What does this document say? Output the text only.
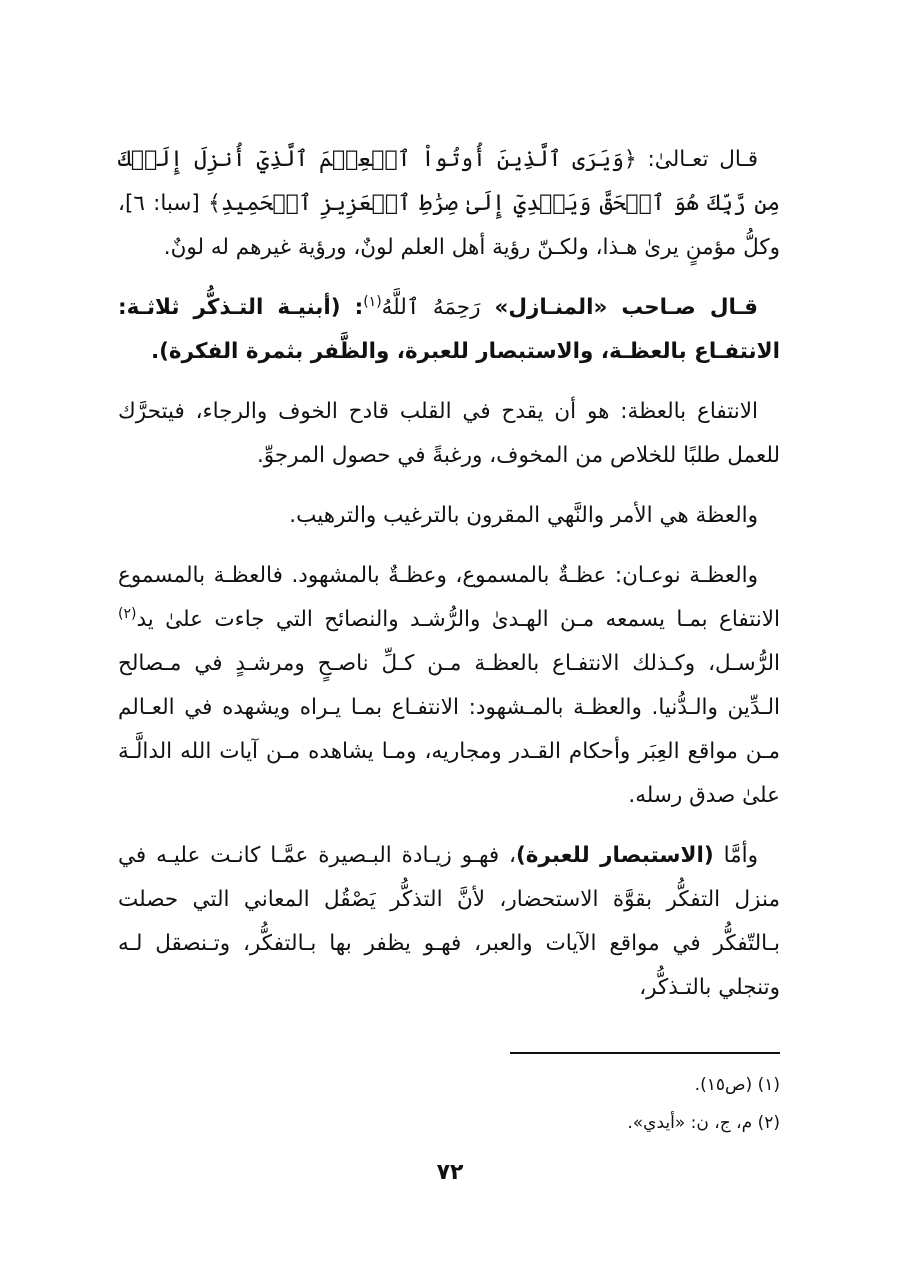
قـال تعـالىٰ: ﴿وَيَرَى ٱلَّذِينَ أُوتُواْ ٱلۡعِلۡمَ ٱلَّذِيٓ أُنزِلَ إِلَيۡكَ مِن رَّبِّكَ هُوَ ٱلۡحَقَّ وَيَهۡدِيٓ إِلَىٰ صِرَٰطِ ٱلۡعَزِيزِ ٱلۡحَمِيدِ﴾ [سبا: ٦]، وكلُّ مؤمنٍ يرىٰ هـذا، ولكـنّ رؤية أهل العلم لونٌ، ورؤية غيرهم له لونٌ.

قـال صـاحب «المنـازل» رَحِمَهُ ٱللَّهُ$^{(١)}$: (أبنيـة التـذكُّر ثلاثـة: الانتفـاع بالعظـة، والاستبصار للعبرة، والظَّفر بثمرة الفكرة).

الانتفاع بالعظة: هو أن يقدح في القلب قادح الخوف والرجاء، فيتحرَّك للعمل طلبًا للخلاص من المخوف، ورغبةً في حصول المرجوِّ.

والعظة هي الأمر والنَّهي المقرون بالترغيب والترهيب.

والعظـة نوعـان: عظـةٌ بالمسموع، وعظـةٌ بالمشهود. فالعظـة بالمسموع الانتفاع بمـا يسمعه مـن الهـدىٰ والرُّشـد والنصائح التي جاءت علىٰ يد$^{(٢)}$ الرُّسـل، وكـذلك الانتفـاع بالعظـة مـن كـلِّ ناصـحٍ ومرشـدٍ في مـصالح الـدِّين والـدُّنيا. والعظـة بالمـشهود: الانتفـاع بمـا يـراه ويشهده في العـالم مـن مواقع العِبَر وأحكام القـدر ومجاريه، ومـا يشاهده مـن آيات الله الدالَّـة علىٰ صدق رسله.

وأمَّا (الاستبصار للعبرة)، فهـو زيـادة البـصيرة عمَّـا كانـت عليـه في منزل التفكُّر بقوَّة الاستحضار، لأنَّ التذكُّر يَصْقُل المعاني التي حصلت بـالتّفكُّر في مواقع الآيات والعبر، فهـو يظفر بها بـالتفكُّر، وتـنصقل لـه وتنجلي بالتـذكُّر،

(١) (ص١٥).

(٢) م، ج، ن: «أيدي».

٧٢
